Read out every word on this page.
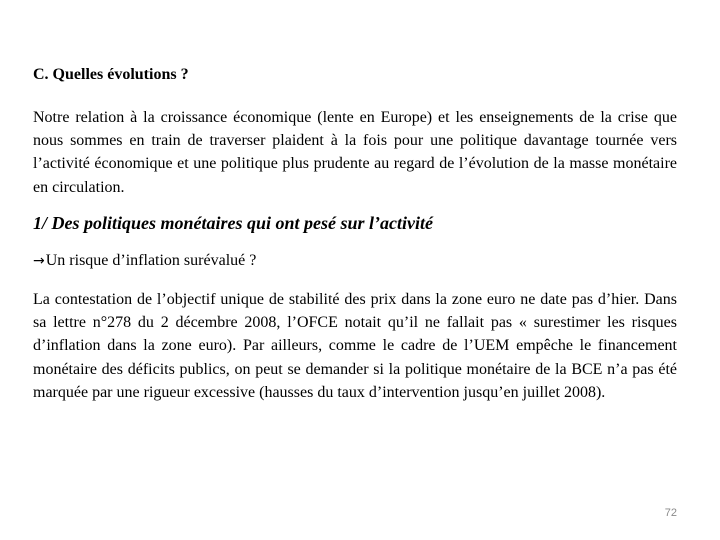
C. Quelles évolutions ?

Notre relation à la croissance économique (lente en Europe) et les enseignements de la crise que nous sommes en train de traverser plaident à la fois pour une politique davantage tournée vers l’activité économique et une politique plus prudente au regard de l’évolution de la masse monétaire en circulation.

1/ Des politiques monétaires qui ont pesé sur l’activité

→Un risque d’inflation surévalué ?

La contestation de l’objectif unique de stabilité des prix dans la zone euro ne date pas d’hier. Dans sa lettre n°278 du 2 décembre 2008, l’OFCE notait qu’il ne fallait pas « surestimer les risques d’inflation dans la zone euro). Par ailleurs, comme le cadre de l’UEM empêche le financement monétaire des déficits publics, on peut se demander si la politique monétaire de la BCE n’a pas été marquée par une rigueur excessive (hausses du taux d’intervention jusqu’en juillet 2008).

72
